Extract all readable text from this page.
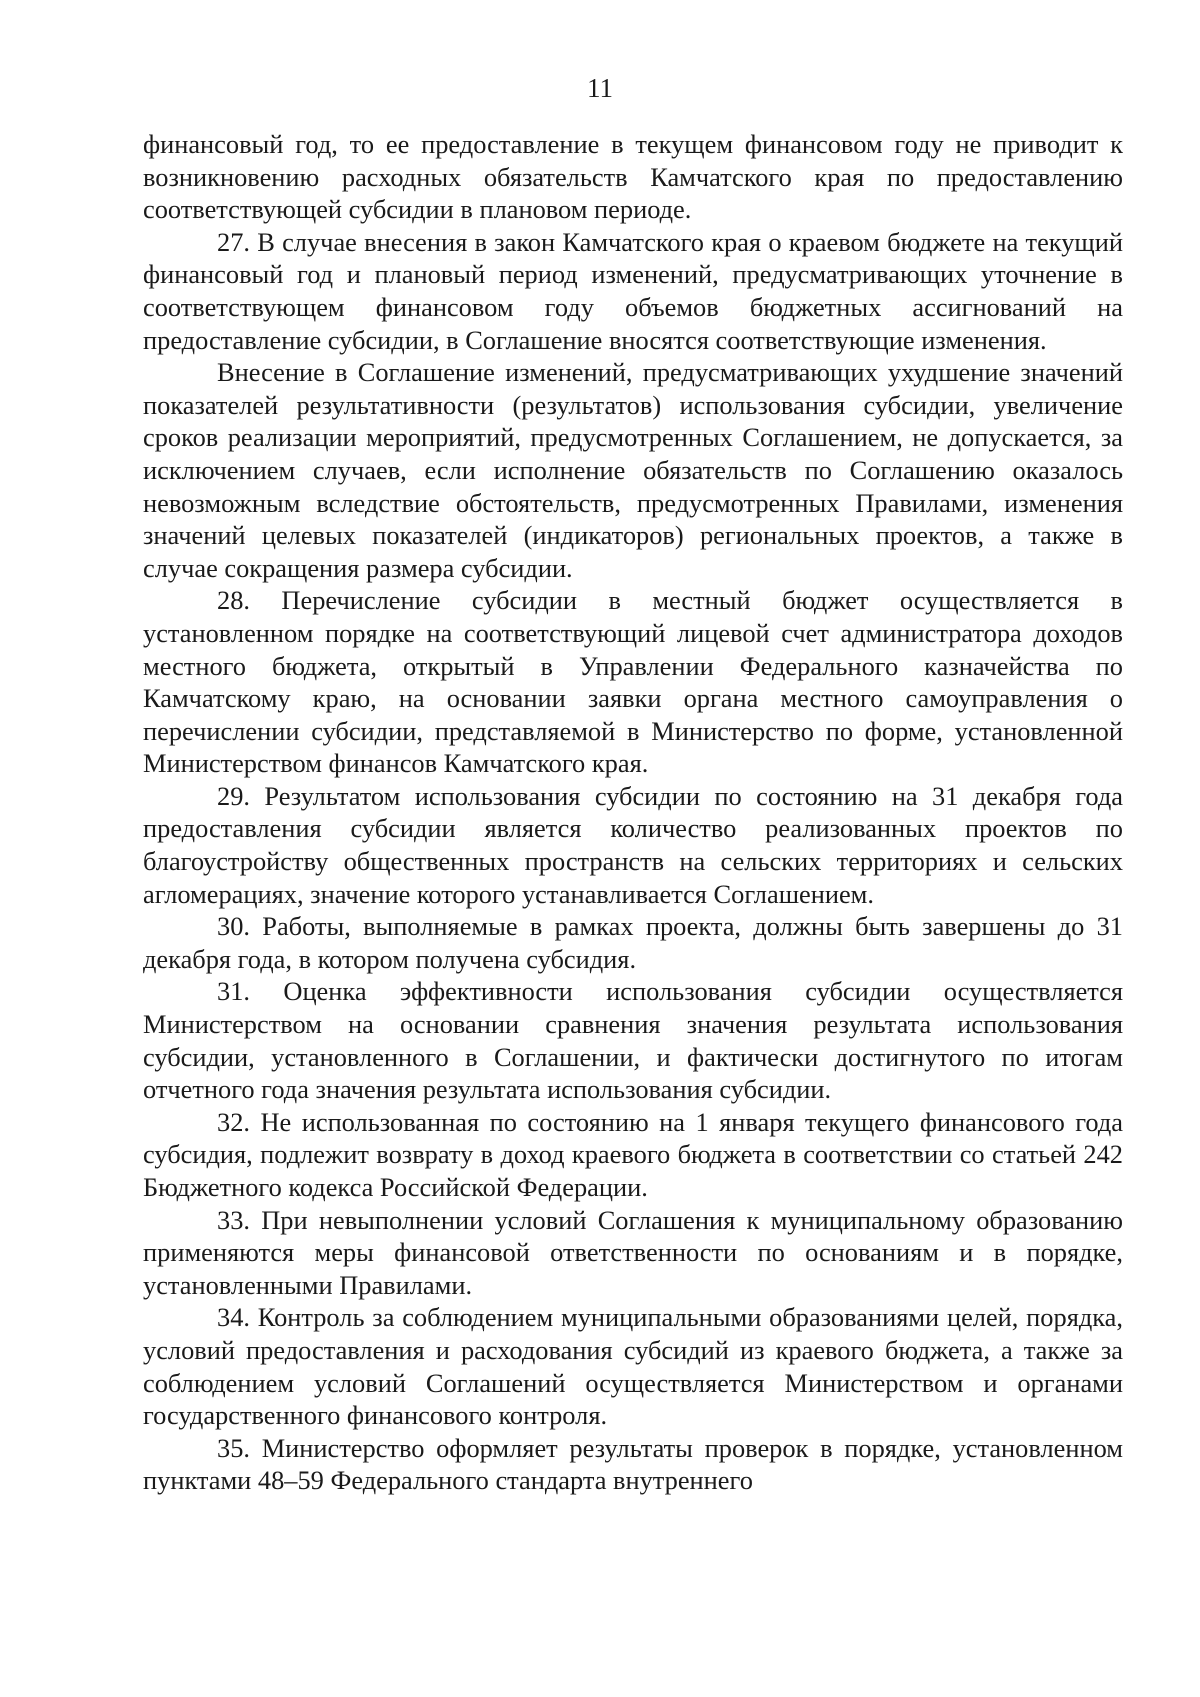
11

финансовый год, то ее предоставление в текущем финансовом году не приводит к возникновению расходных обязательств Камчатского края по предоставлению соответствующей субсидии в плановом периоде.

27. В случае внесения в закон Камчатского края о краевом бюджете на текущий финансовый год и плановый период изменений, предусматривающих уточнение в соответствующем финансовом году объемов бюджетных ассигнований на предоставление субсидии, в Соглашение вносятся соответствующие изменения.

Внесение в Соглашение изменений, предусматривающих ухудшение значений показателей результативности (результатов) использования субсидии, увеличение сроков реализации мероприятий, предусмотренных Соглашением, не допускается, за исключением случаев, если исполнение обязательств по Соглашению оказалось невозможным вследствие обстоятельств, предусмотренных Правилами, изменения значений целевых показателей (индикаторов) региональных проектов, а также в случае сокращения размера субсидии.

28. Перечисление субсидии в местный бюджет осуществляется в установленном порядке на соответствующий лицевой счет администратора доходов местного бюджета, открытый в Управлении Федерального казначейства по Камчатскому краю, на основании заявки органа местного самоуправления о перечислении субсидии, представляемой в Министерство по форме, установленной Министерством финансов Камчатского края.

29. Результатом использования субсидии по состоянию на 31 декабря года предоставления субсидии является количество реализованных проектов по благоустройству общественных пространств на сельских территориях и сельских агломерациях, значение которого устанавливается Соглашением.

30. Работы, выполняемые в рамках проекта, должны быть завершены до 31 декабря года, в котором получена субсидия.

31. Оценка эффективности использования субсидии осуществляется Министерством на основании сравнения значения результата использования субсидии, установленного в Соглашении, и фактически достигнутого по итогам отчетного года значения результата использования субсидии.

32. Не использованная по состоянию на 1 января текущего финансового года субсидия, подлежит возврату в доход краевого бюджета в соответствии со статьей 242 Бюджетного кодекса Российской Федерации.

33. При невыполнении условий Соглашения к муниципальному образованию применяются меры финансовой ответственности по основаниям и в порядке, установленными Правилами.

34. Контроль за соблюдением муниципальными образованиями целей, порядка, условий предоставления и расходования субсидий из краевого бюджета, а также за соблюдением условий Соглашений осуществляется Министерством и органами государственного финансового контроля.

35. Министерство оформляет результаты проверок в порядке, установленном пунктами 48–59 Федерального стандарта внутреннего
